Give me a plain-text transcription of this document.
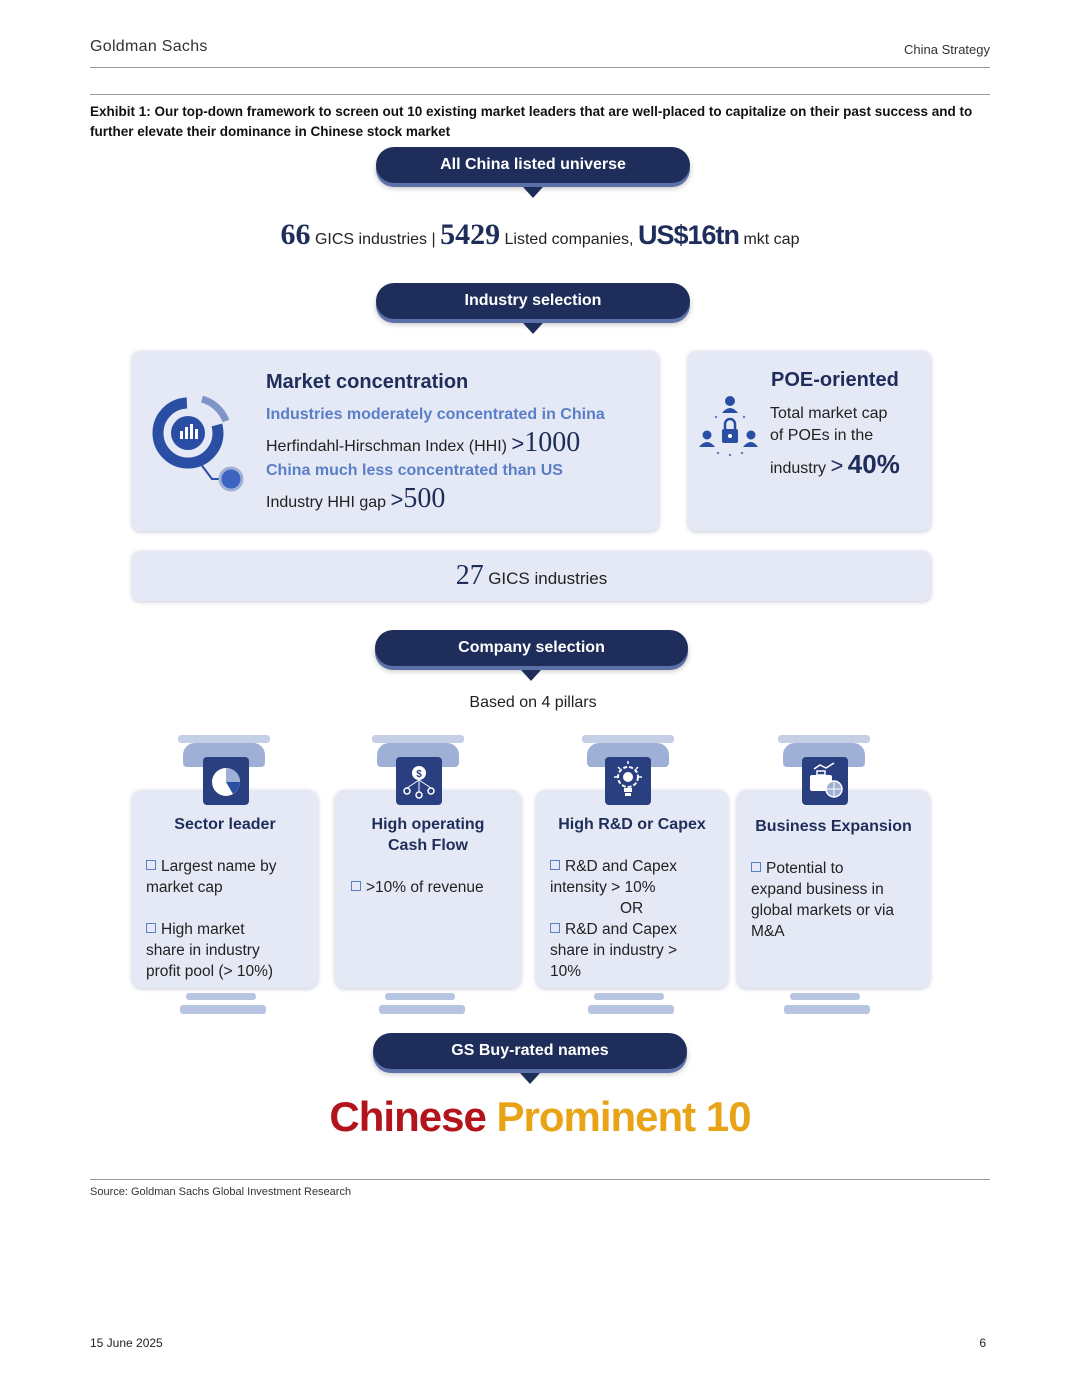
Goldman Sachs	China Strategy
Exhibit 1: Our top-down framework to screen out 10 existing market leaders that are well-placed to capitalize on their past success and to further elevate their dominance in Chinese stock market
All China listed universe
66 GICS industries | 5429 Listed companies, US$16tn mkt cap
Industry selection
Market concentration
Industries moderately concentrated in China
Herfindahl-Hirschman Index (HHI) >1000
China much less concentrated than US
Industry HHI gap >500
POE-oriented
Total market cap
of POEs in the
industry > 40%
27 GICS industries
Company selection
Based on 4 pillars
Sector leader
Largest name by
market cap
High market
share in industry
profit pool (> 10%)
High operating
Cash Flow
>10% of revenue
$
High R&D or Capex
R&D and Capex
intensity > 10%
OR
R&D and Capex
share in industry >
10%
Business Expansion
Potential to
expand business in
global markets or via
M&A
GS Buy-rated names
Chinese Prominent 10
Source: Goldman Sachs Global Investment Research
15 June 2025	6
